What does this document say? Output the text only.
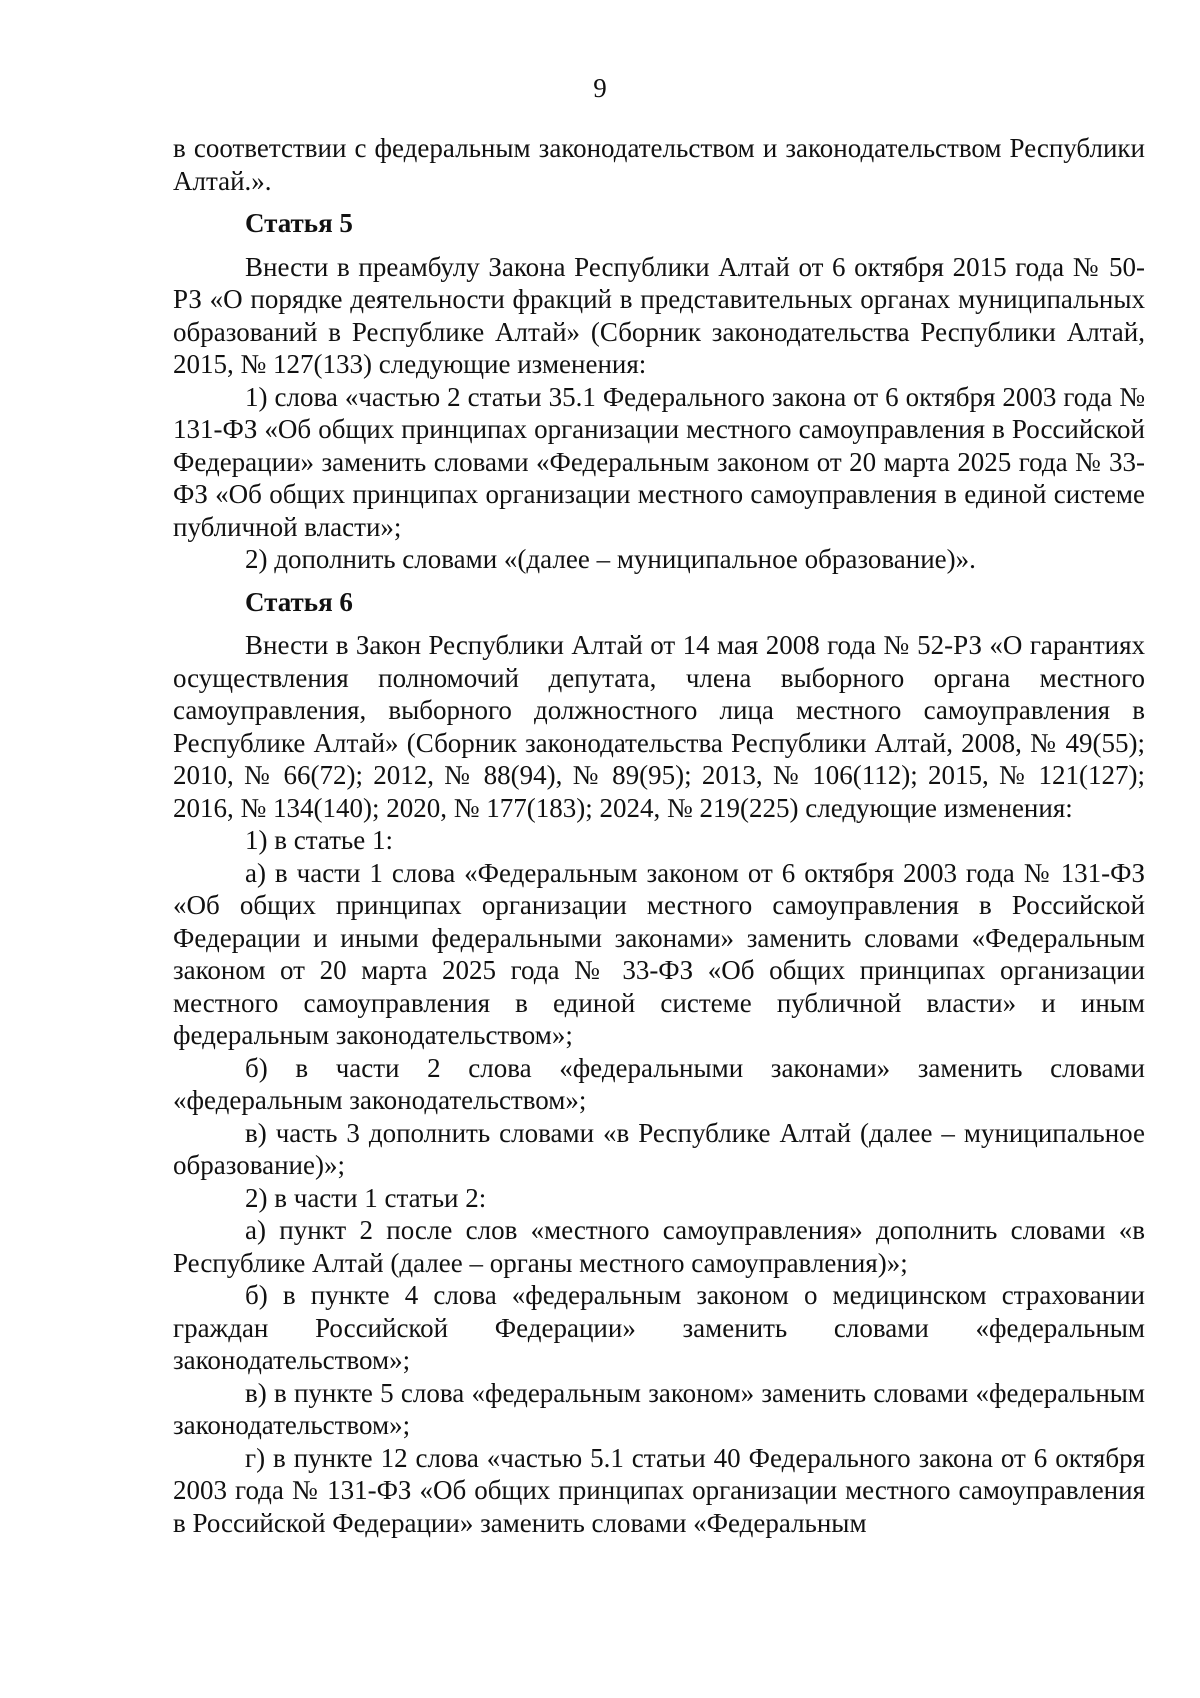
9

в соответствии с федеральным законодательством и законодательством Республики Алтай.».

Статья 5

Внести в преамбулу Закона Республики Алтай от 6 октября 2015 года № 50-РЗ «О порядке деятельности фракций в представительных органах муниципальных образований в Республике Алтай» (Сборник законодательства Республики Алтай, 2015, № 127(133) следующие изменения:

1) слова «частью 2 статьи 35.1 Федерального закона от 6 октября 2003 года № 131-ФЗ «Об общих принципах организации местного самоуправления в Российской Федерации» заменить словами «Федеральным законом от 20 марта 2025 года № 33-ФЗ «Об общих принципах организации местного самоуправления в единой системе публичной власти»;

2) дополнить словами «(далее – муниципальное образование)».

Статья 6

Внести в Закон Республики Алтай от 14 мая 2008 года № 52-РЗ «О гарантиях осуществления полномочий депутата, члена выборного органа местного самоуправления, выборного должностного лица местного самоуправления в Республике Алтай» (Сборник законодательства Республики Алтай, 2008, № 49(55); 2010, № 66(72); 2012, № 88(94), № 89(95); 2013, № 106(112); 2015, № 121(127); 2016, № 134(140); 2020, № 177(183); 2024, № 219(225) следующие изменения:

1) в статье 1:

а) в части 1 слова «Федеральным законом от 6 октября 2003 года № 131-ФЗ «Об общих принципах организации местного самоуправления в Российской Федерации и иными федеральными законами» заменить словами «Федеральным законом от 20 марта 2025 года № 33-ФЗ «Об общих принципах организации местного самоуправления в единой системе публичной власти» и иным федеральным законодательством»;

б) в части 2 слова «федеральными законами» заменить словами «федеральным законодательством»;

в) часть 3 дополнить словами «в Республике Алтай (далее – муниципальное образование)»;

2) в части 1 статьи 2:

а) пункт 2 после слов «местного самоуправления» дополнить словами «в Республике Алтай (далее – органы местного самоуправления)»;

б) в пункте 4 слова «федеральным законом о медицинском страховании граждан Российской Федерации» заменить словами «федеральным законодательством»;

в) в пункте 5 слова «федеральным законом» заменить словами «федеральным законодательством»;

г) в пункте 12 слова «частью 5.1 статьи 40 Федерального закона от 6 октября 2003 года № 131-ФЗ «Об общих принципах организации местного самоуправления в Российской Федерации» заменить словами «Федеральным
